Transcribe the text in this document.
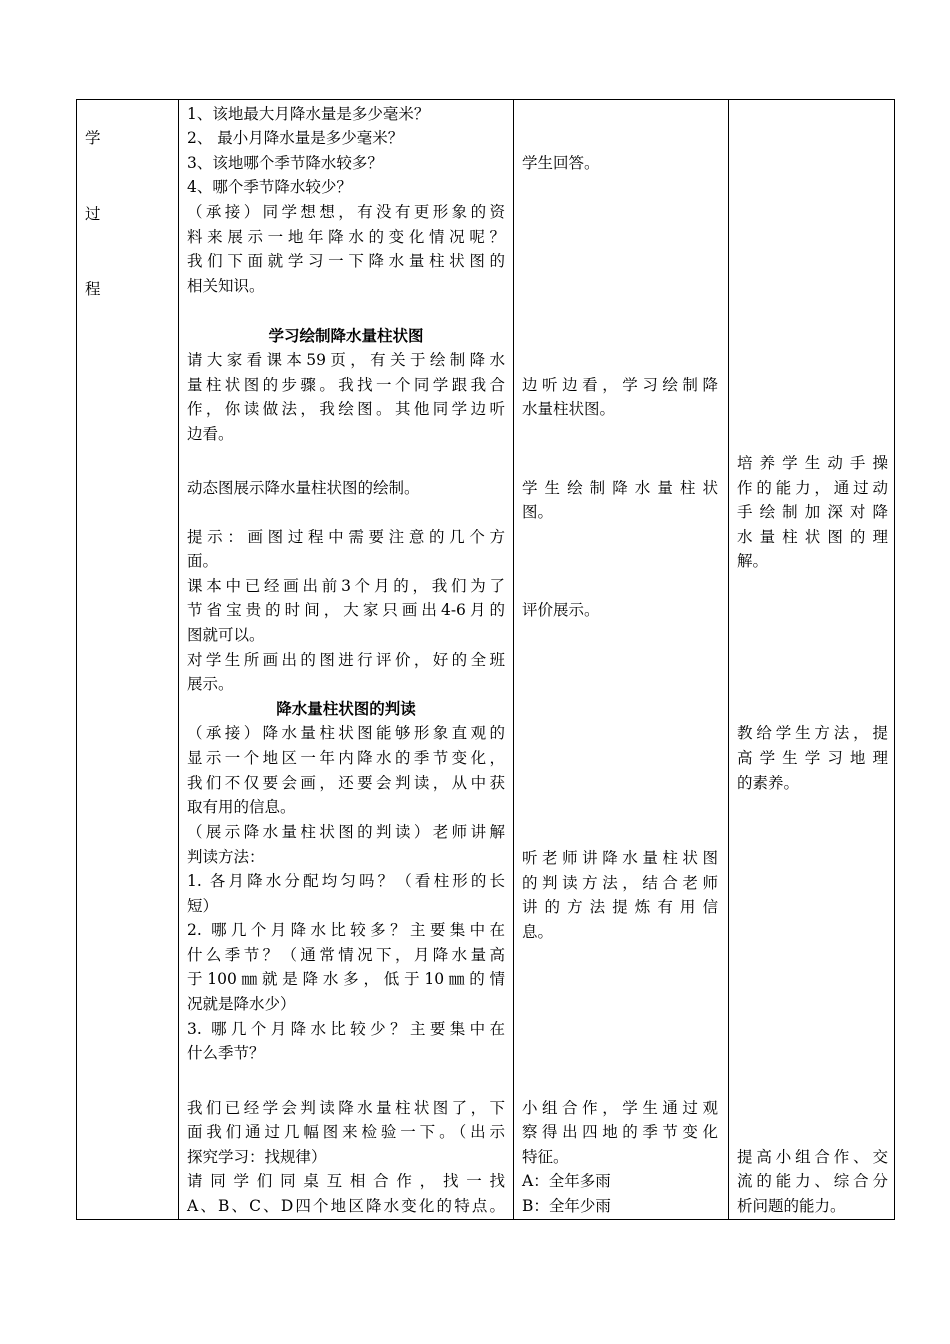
学
过
程
1、该地最大月降水量是多少毫米？
2、 最小月降水量是多少毫米？
3、该地哪个季节降水较多？
4、哪个季节降水较少？
（承接）同学想想，有没有更形象的资
料来展示一地年降水的变化情况呢？
我们下面就学习一下降水量柱状图的
相关知识。
学习绘制降水量柱状图
请大家看课本59页，有关于绘制降水
量柱状图的步骤。我找一个同学跟我合
作，你读做法，我绘图。其他同学边听
边看。
动态图展示降水量柱状图的绘制。
提示：画图过程中需要注意的几个方
面。
课本中已经画出前3个月的，我们为了
节省宝贵的时间，大家只画出4-6月的
图就可以。
对学生所画出的图进行评价，好的全班
展示。
降水量柱状图的判读
（承接）降水量柱状图能够形象直观的
显示一个地区一年内降水的季节变化，
我们不仅要会画，还要会判读，从中获
取有用的信息。
（展示降水量柱状图的判读）老师讲解
判读方法：
1. 各月降水分配均匀吗？（看柱形的长
短）
2. 哪几个月降水比较多？主要集中在
什么季节？（通常情况下，月降水量高
于100㎜就是降水多，低于10㎜的情
况就是降水少）
3. 哪几个月降水比较少？主要集中在
什么季节？
我们已经学会判读降水量柱状图了，下
面我们通过几幅图来检验一下。（出示
探究学习：找规律）
请同学们同桌互相合作，找一找
A、B、C、D四个地区降水变化的特点。
学生回答。
边听边看，学习绘制降
水量柱状图。
学生绘制降水量柱状
图。
评价展示。
听老师讲降水量柱状图
的判读方法，结合老师
讲的方法提炼有用信
息。
小组合作，学生通过观
察得出四地的季节变化
特征。
A：全年多雨
B：全年少雨
培养学生动手操
作的能力，通过动
手绘制加深对降
水量柱状图的理
解。
教给学生方法，提
高学生学习地理
的素养。
提高小组合作、交
流的能力、综合分
析问题的能力。
